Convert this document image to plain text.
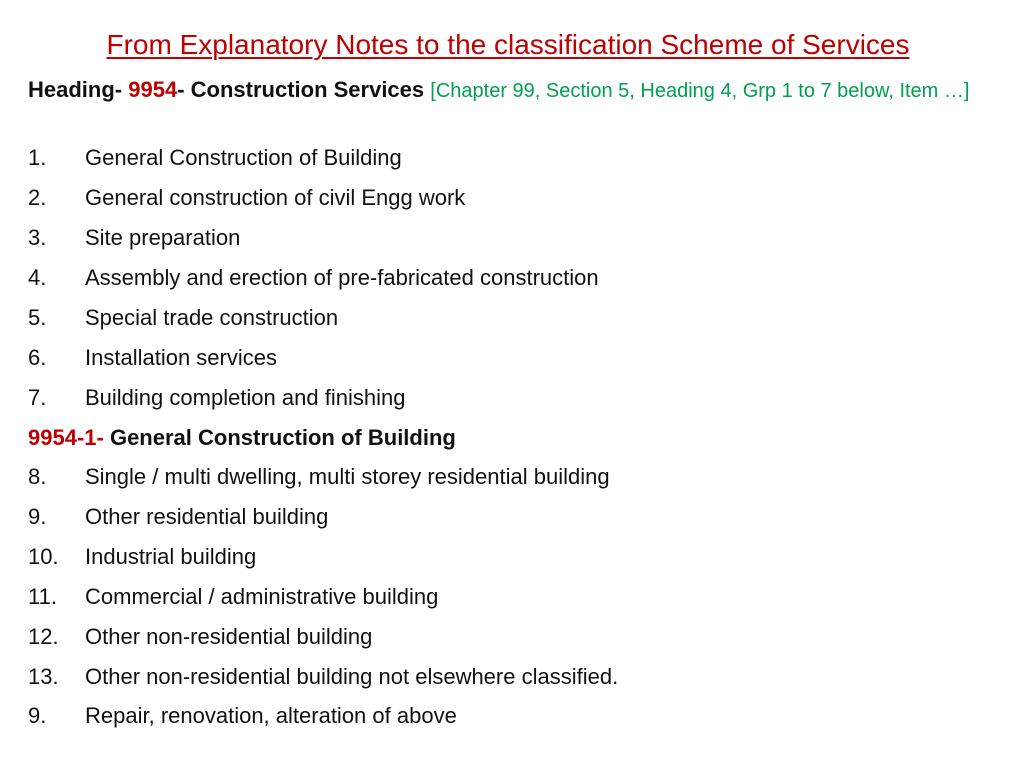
From Explanatory Notes to the classification Scheme of Services
Heading- 9954- Construction Services [Chapter 99, Section 5, Heading 4, Grp 1 to 7 below, Item …]
1. General Construction of Building
2. General construction of civil Engg work
3. Site preparation
4. Assembly and erection of pre-fabricated construction
5. Special trade construction
6. Installation services
7. Building completion and finishing
9954-1- General Construction of Building
8. Single / multi dwelling, multi storey residential building
9. Other residential building
10. Industrial building
11. Commercial / administrative building
12. Other non-residential building
13. Other non-residential building not elsewhere classified.
9. Repair, renovation, alteration of above
